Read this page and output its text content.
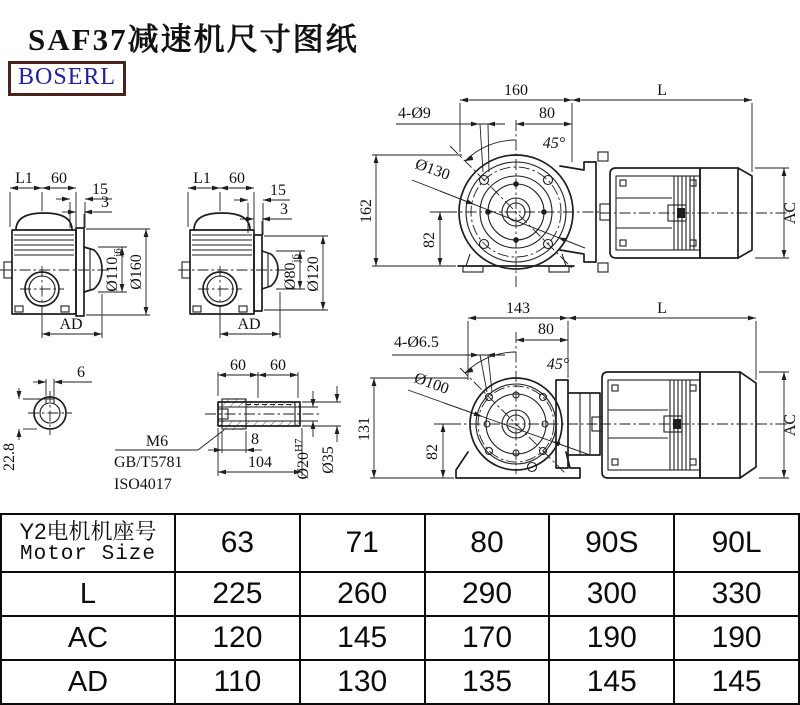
SAF37减速机尺寸图纸
BOSERL
L1 60
15
3
$Ø110_{j6}$
Ø160
AD
L1 60
15
3
$Ø80_{j6}$ Ø120
AD
6
22.8
60 60
8
104 $Ø20^{H7}$
Ø35
M6
GB/T5781
ISO4017
160	L
4-Ø9	80
45°
Ø130
162
82
AC
143	L
4-Ø6.5
80
45°
Ø100
131
82
AC
Y2电机机座号
Motor Size	63	71	80	90S	90L
L	225	260	290	300	330
AC	120	145	170	190	190
AD	110	130	135	145	145
